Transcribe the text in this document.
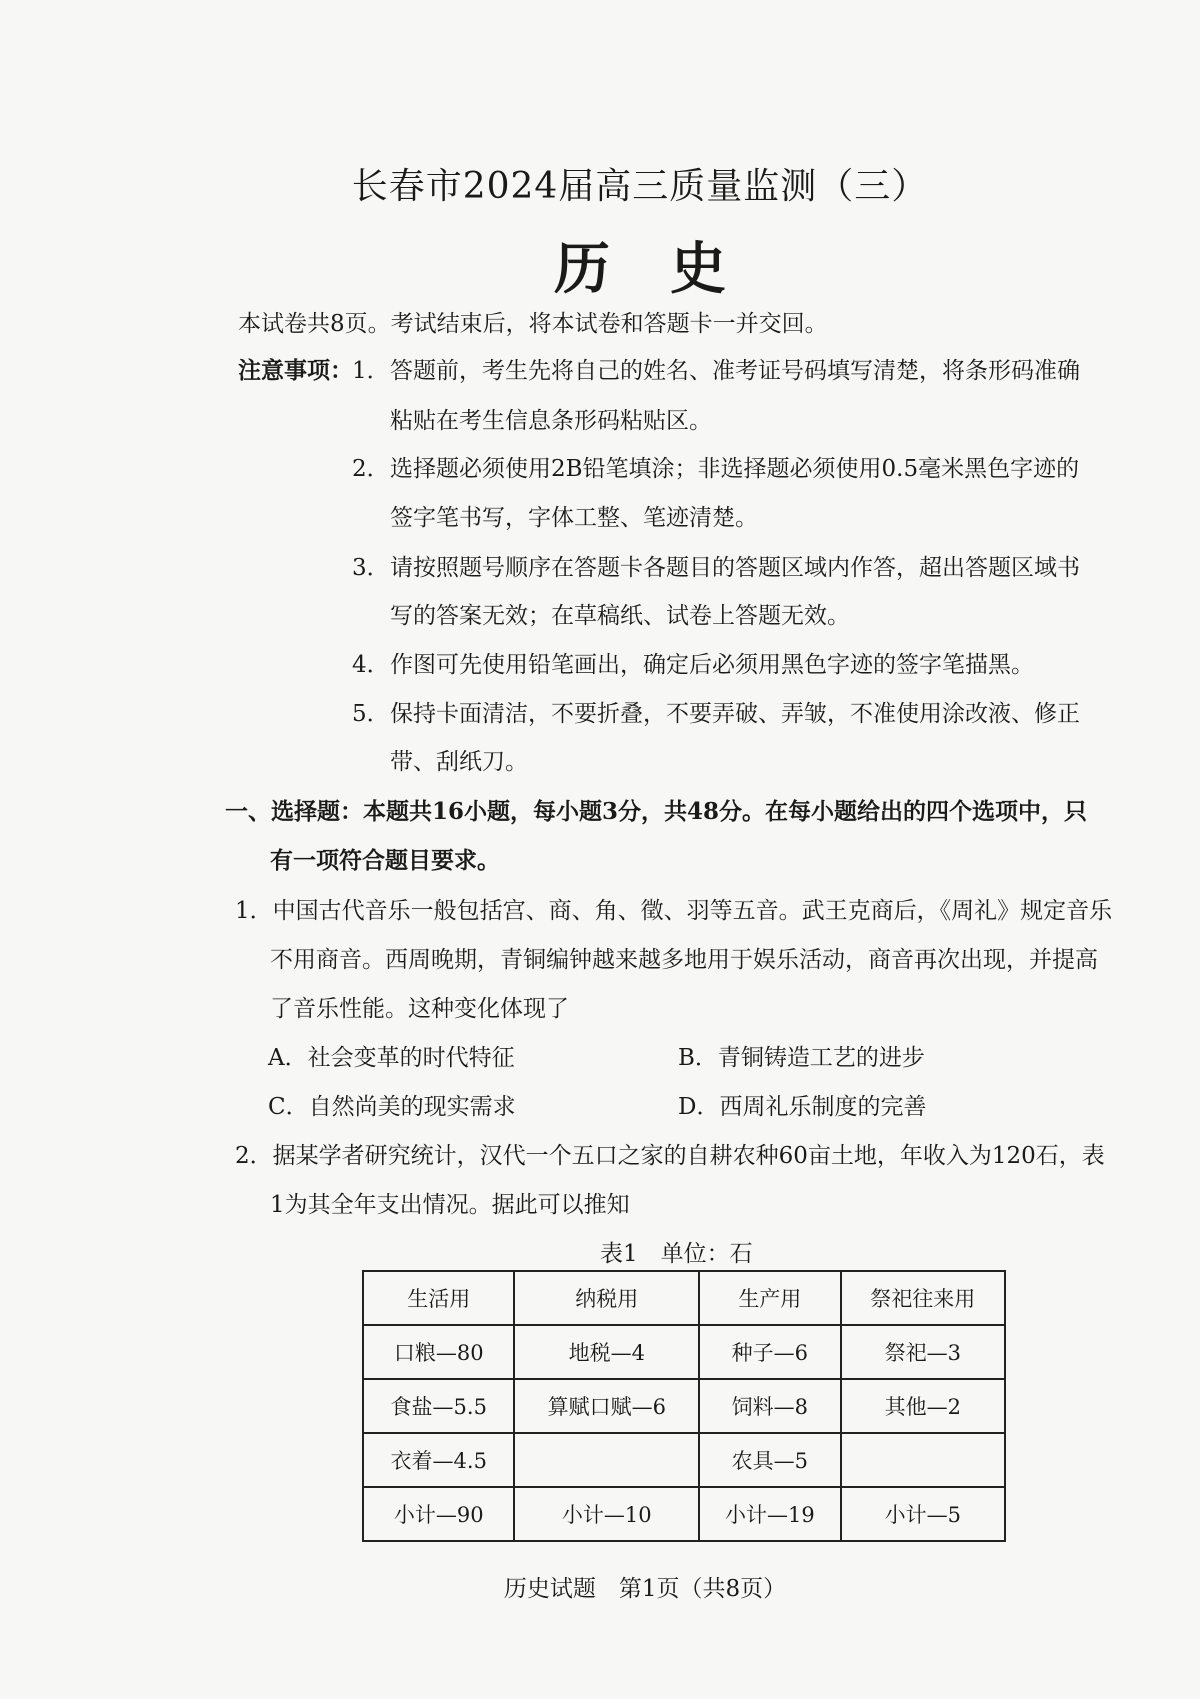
长春市2024届高三质量监测（三）
历史
本试卷共8页。考试结束后，将本试卷和答题卡一并交回。
注意事项： 1． 答题前，考生先将自己的姓名、准考证号码填写清楚，将条形码准确
粘贴在考生信息条形码粘贴区。
2． 选择题必须使用2B铅笔填涂；非选择题必须使用0.5毫米黑色字迹的
签字笔书写，字体工整、笔迹清楚。
3． 请按照题号顺序在答题卡各题目的答题区域内作答，超出答题区域书
写的答案无效；在草稿纸、试卷上答题无效。
4． 作图可先使用铅笔画出，确定后必须用黑色字迹的签字笔描黑。
5． 保持卡面清洁，不要折叠，不要弄破、弄皱，不准使用涂改液、修正
带、刮纸刀。
一、选择题：本题共16小题，每小题3分，共48分。在每小题给出的四个选项中，只
有一项符合题目要求。
1．中国古代音乐一般包括宫、商、角、徵、羽等五音。武王克商后，《周礼》规定音乐
不用商音。西周晚期，青铜编钟越来越多地用于娱乐活动，商音再次出现，并提高
了音乐性能。这种变化体现了
A．社会变革的时代特征	B．青铜铸造工艺的进步
C．自然尚美的现实需求	D．西周礼乐制度的完善
2．据某学者研究统计，汉代一个五口之家的自耕农种60亩土地，年收入为120石，表
1为其全年支出情况。据此可以推知
表1　单位：石
生活用	纳税用	生产用	祭祀往来用
口粮—80	地税—4	种子—6	祭祀—3
食盐—5.5	算赋口赋—6	饲料—8	其他—2
衣着—4.5		农具—5	
小计—90	小计—10	小计—19	小计—5
历史试题　第1页（共8页）
